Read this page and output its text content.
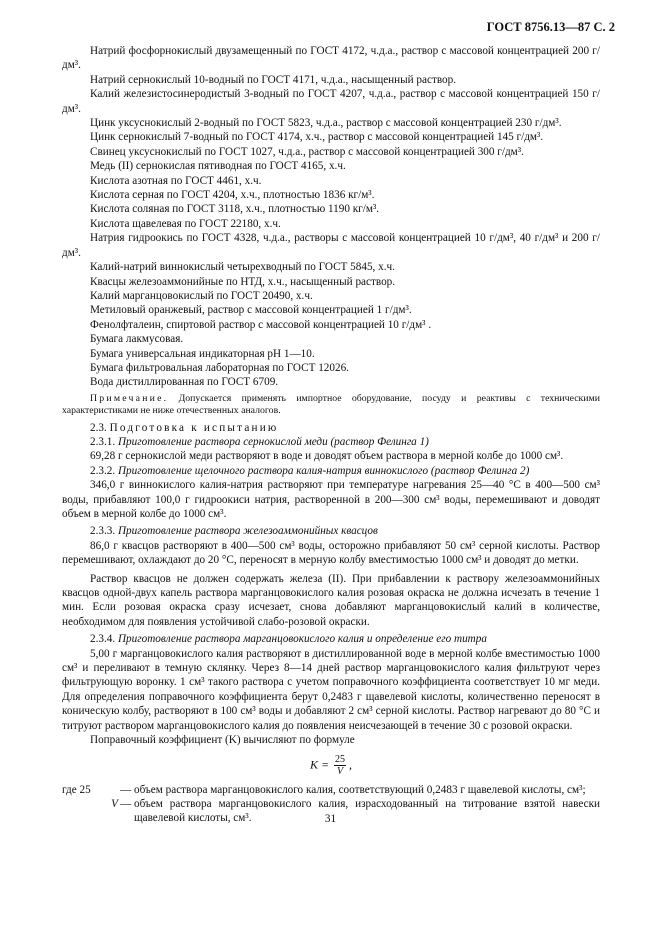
ГОСТ 8756.13—87 С. 2

Натрий фосфорнокислый двузамещенный по ГОСТ 4172, ч.д.а., раствор с массовой концентрацией 200 г/дм³.

Натрий сернокислый 10-водный по ГОСТ 4171, ч.д.а., насыщенный раствор.

Калий железистосинеродистый 3-водный по ГОСТ 4207, ч.д.а., раствор с массовой концентрацией 150 г/дм³.

Цинк уксуснокислый 2-водный по ГОСТ 5823, ч.д.а., раствор с массовой концентрацией 230 г/дм³.

Цинк сернокислый 7-водный по ГОСТ 4174, х.ч., раствор с массовой концентрацией 145 г/дм³.

Свинец уксуснокислый по ГОСТ 1027, ч.д.а., раствор с массовой концентрацией 300 г/дм³.

Медь (II) сернокислая пятиводная по ГОСТ 4165, х.ч.

Кислота азотная по ГОСТ 4461, х.ч.

Кислота серная по ГОСТ 4204, х.ч., плотностью 1836 кг/м³.

Кислота соляная по ГОСТ 3118, х.ч., плотностью 1190 кг/м³.

Кислота щавелевая по ГОСТ 22180, х.ч.

Натрия гидроокись по ГОСТ 4328, ч.д.а., растворы с массовой концентрацией 10 г/дм³, 40 г/дм³ и 200 г/дм³.

Калий-натрий виннокислый четырехводный по ГОСТ 5845, х.ч.

Квасцы железоаммонийные по НТД, х.ч., насыщенный раствор.

Калий марганцовокислый по ГОСТ 20490, х.ч.

Метиловый оранжевый, раствор с массовой концентрацией 1 г/дм³.

Фенолфталеин, спиртовой раствор с массовой концентрацией 10 г/дм³ .

Бумага лакмусовая.

Бумага универсальная индикаторная рН 1—10.

Бумага фильтровальная лабораторная по ГОСТ 12026.

Вода дистиллированная по ГОСТ 6709.

Примечание. Допускается применять импортное оборудование, посуду и реактивы с техническими характеристиками не ниже отечественных аналогов.

2.3. Подготовка к испытанию

2.3.1. Приготовление раствора сернокислой меди (раствор Фелинга 1)

69,28 г сернокислой меди растворяют в воде и доводят объем раствора в мерной колбе до 1000 см³.

2.3.2. Приготовление щелочного раствора калия-натрия виннокислого (раствор Фелинга 2)

346,0 г виннокислого калия-натрия растворяют при температуре нагревания 25—40 °С в 400—500 см³ воды, прибавляют 100,0 г гидроокиси натрия, растворенной в 200—300 см³ воды, перемешивают и доводят объем в мерной колбе до 1000 см³.

2.3.3. Приготовление раствора железоаммонийных квасцов

86,0 г квасцов растворяют в 400—500 см³ воды, осторожно прибавляют 50 см³ серной кислоты. Раствор перемешивают, охлаждают до 20 °С, переносят в мерную колбу вместимостью 1000 см³ и доводят до метки.

Раствор квасцов не должен содержать железа (II). При прибавлении к раствору железоаммонийных квасцов одной-двух капель раствора марганцовокислого калия розовая окраска не должна исчезать в течение 1 мин. Если розовая окраска сразу исчезает, снова добавляют марганцовокислый калий в количестве, необходимом для появления устойчивой слабо-розовой окраски.

2.3.4. Приготовление раствора марганцовокислого калия и определение его титра

5,00 г марганцовокислого калия растворяют в дистиллированной воде в мерной колбе вместимостью 1000 см³ и переливают в темную склянку. Через 8—14 дней раствор марганцовокислого калия фильтруют через фильтрующую воронку. 1 см³ такого раствора с учетом поправочного коэффициента соответствует 10 мг меди. Для определения поправочного коэффициента берут 0,2483 г щавелевой кислоты, количественно переносят в коническую колбу, растворяют в 100 см³ воды и добавляют 2 см³ серной кислоты. Раствор нагревают до 80 °С и титруют раствором марганцовокислого калия до появления неисчезающей в течение 30 с розовой окраски.

Поправочный коэффициент (K) вычисляют по формуле

$K = \frac{25}{V}$ ,
где 25	— объем раствора марганцовокислого калия, соответствующий 0,2483 г щавелевой кислоты, см³;
V — объем раствора марганцовокислого калия, израсходованный на титрование взятой навески щавелевой кислоты, см³.	31
